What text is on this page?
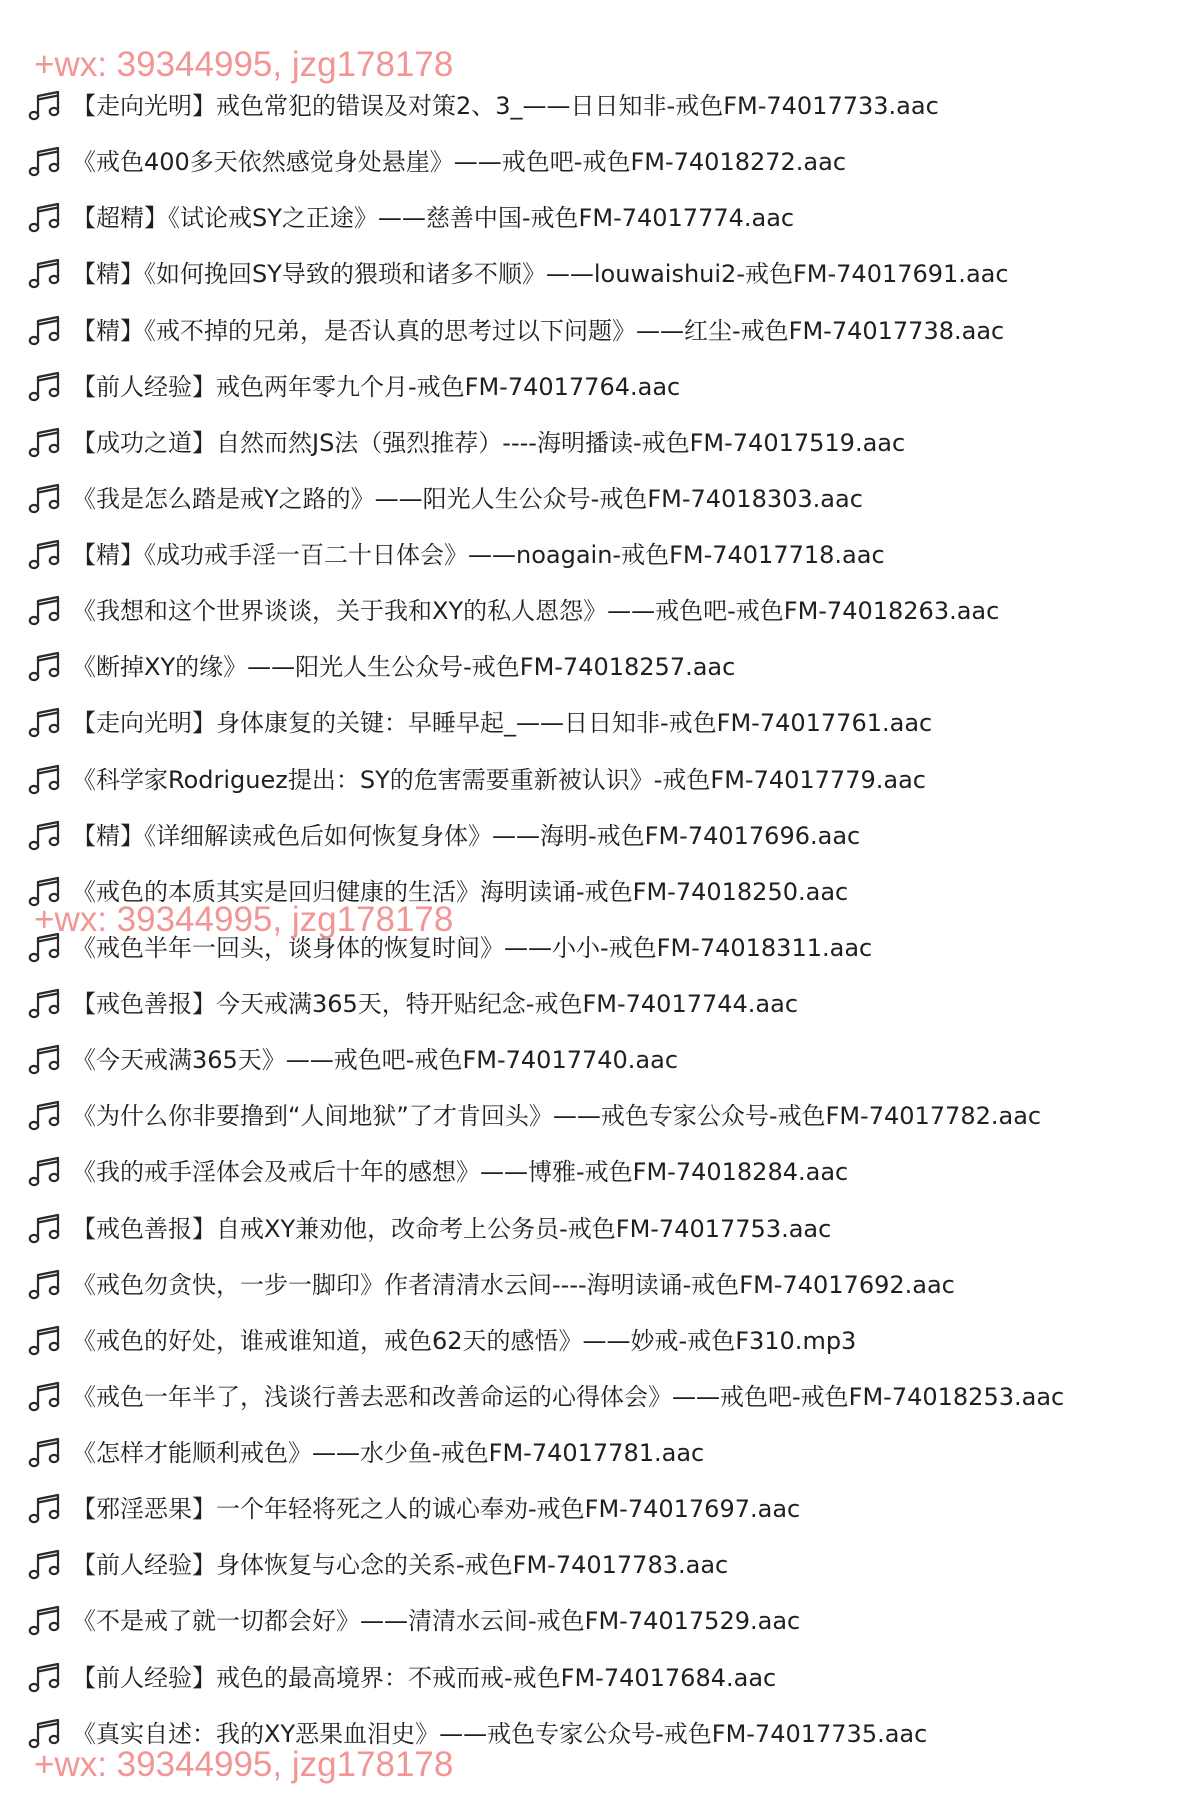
【走向光明】戒色常犯的错误及对策2、3_——日日知非-戒色FM-74017733.aac
《戒色400多天依然感觉身处悬崖》——戒色吧-戒色FM-74018272.aac
【超精】《试论戒SY之正途》——慈善中国-戒色FM-74017774.aac
【精】《如何挽回SY导致的猥琐和诸多不顺》——louwaishui2-戒色FM-74017691.aac
【精】《戒不掉的兄弟，是否认真的思考过以下问题》——红尘-戒色FM-74017738.aac
【前人经验】戒色两年零九个月-戒色FM-74017764.aac
【成功之道】自然而然JS法（强烈推荐）----海明播读-戒色FM-74017519.aac
《我是怎么踏是戒Y之路的》——阳光人生公众号-戒色FM-74018303.aac
【精】《成功戒手淫一百二十日体会》——noagain-戒色FM-74017718.aac
《我想和这个世界谈谈，关于我和XY的私人恩怨》——戒色吧-戒色FM-74018263.aac
《断掉XY的缘》——阳光人生公众号-戒色FM-74018257.aac
【走向光明】身体康复的关键：早睡早起_——日日知非-戒色FM-74017761.aac
《科学家Rodriguez提出：SY的危害需要重新被认识》-戒色FM-74017779.aac
【精】《详细解读戒色后如何恢复身体》——海明-戒色FM-74017696.aac
《戒色的本质其实是回归健康的生活》海明读诵-戒色FM-74018250.aac
《戒色半年一回头，谈身体的恢复时间》——小小-戒色FM-74018311.aac
【戒色善报】今天戒满365天，特开贴纪念-戒色FM-74017744.aac
《今天戒满365天》——戒色吧-戒色FM-74017740.aac
《为什么你非要撸到“人间地狱”了才肯回头》——戒色专家公众号-戒色FM-74017782.aac
《我的戒手淫体会及戒后十年的感想》——博雅-戒色FM-74018284.aac
【戒色善报】自戒XY兼劝他，改命考上公务员-戒色FM-74017753.aac
《戒色勿贪快，一步一脚印》作者清清水云间----海明读诵-戒色FM-74017692.aac
《戒色的好处，谁戒谁知道，戒色62天的感悟》——妙戒-戒色F310.mp3
《戒色一年半了，浅谈行善去恶和改善命运的心得体会》——戒色吧-戒色FM-74018253.aac
《怎样才能顺利戒色》——水少鱼-戒色FM-74017781.aac
【邪淫恶果】一个年轻将死之人的诚心奉劝-戒色FM-74017697.aac
【前人经验】身体恢复与心念的关系-戒色FM-74017783.aac
《不是戒了就一切都会好》——清清水云间-戒色FM-74017529.aac
【前人经验】戒色的最高境界：不戒而戒-戒色FM-74017684.aac
《真实自述：我的XY恶果血泪史》——戒色专家公众号-戒色FM-74017735.aac
+wx: 39344995, jzg178178
+wx: 39344995, jzg178178
+wx: 39344995, jzg178178
